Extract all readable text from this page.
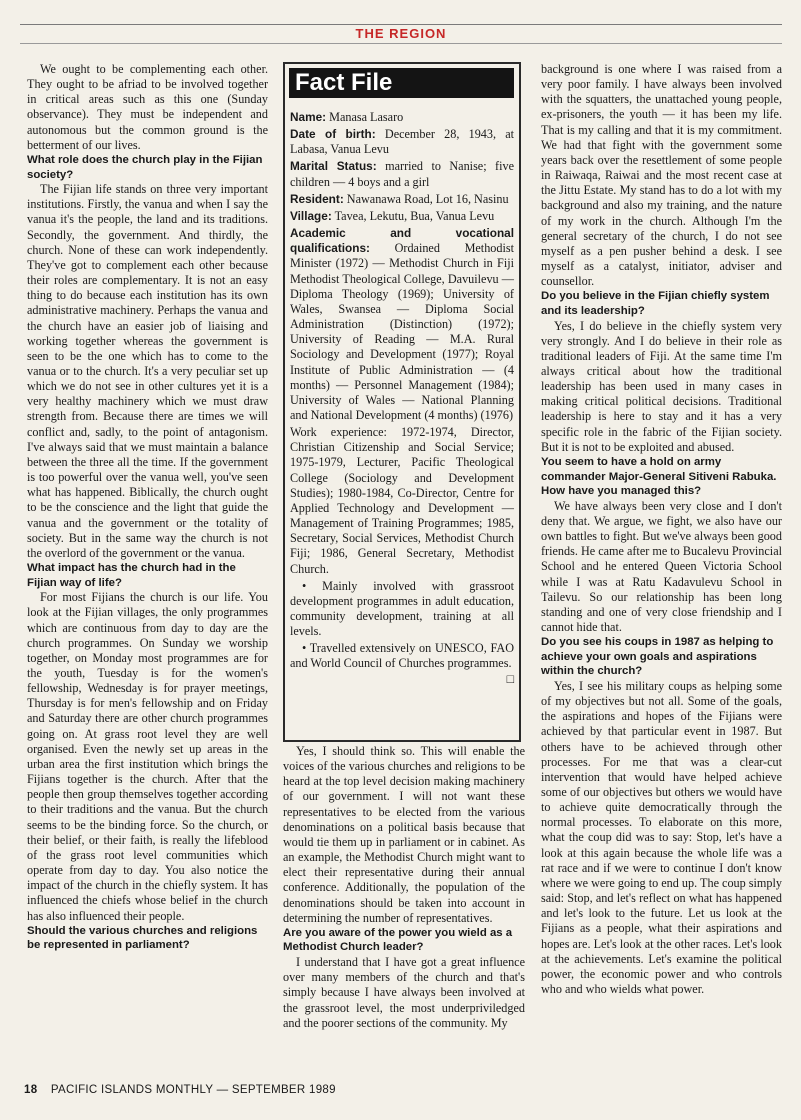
THE REGION

We ought to be complementing each other. They ought to be afriad to be involved together in critical areas such as this one (Sunday observance). They must be independent and autonomous but the common ground is the betterment of our lives.

What role does the church play in the Fijian society?

The Fijian life stands on three very important institutions. Firstly, the vanua and when I say the vanua it's the people, the land and its traditions. Secondly, the government. And thirdly, the church. None of these can work independently. They've got to complement each other because their roles are complementary. It is not an easy thing to do because each institution has its own administrative machinery. Perhaps the vanua and the church have an easier job of liaising and working together whereas the government is seen to be the one which has to come to the vanua or to the church. It's a very peculiar set up which we do not see in other cultures yet it is a very healthy machinery which we must draw strength from. Because there are times we will conflict and, sadly, to the point of antagonism. I've always said that we must maintain a balance between the three all the time. If the government is too powerful over the vanua well, you've seen what has happened. Biblically, the church ought to be the conscience and the light that guide the vanua and the government or the totality of society. But in the same way the church is not the overlord of the government or the vanua.

What impact has the church had in the Fijian way of life?

For most Fijians the church is our life. You look at the Fijian villages, the only programmes which are continuous from day to day are the church programmes. On Sunday we worship together, on Monday most programmes are for the youth, Tuesday is for the women's fellowship, Wednesday is for prayer meetings, Thursday is for men's fellowship and on Friday and Saturday there are other church programmes going on. At grass root level they are well organised. Even the newly set up areas in the urban area the first institution which brings the Fijians together is the church. After that the people then group themselves together according to their traditions and the vanua. But the church seems to be the binding force. So the church, or their belief, or their faith, is really the lifeblood of the grass root level communities which operate from day to day. You also notice the impact of the church in the chiefly system. It has influenced the chiefs whose belief in the church has also influenced their people.

Should the various churches and religions be represented in parliament?

Fact File
Name: Manasa Lasaro
Date of birth: December 28, 1943, at Labasa, Vanua Levu
Marital Status: married to Nanise; five children — 4 boys and a girl
Resident: Nawanawa Road, Lot 16, Nasinu
Village: Tavea, Lekutu, Bua, Vanua Levu
Academic and vocational qualifications: Ordained Methodist Minister (1972) — Methodist Church in Fiji Methodist Theological College, Davuilevu — Diploma Theology (1969); University of Wales, Swansea — Diploma Social Administration (Distinction) (1972); University of Reading — M.A. Rural Sociology and Development (1977); Royal Institute of Public Administration — (4 months) — Personnel Management (1984); University of Wales — National Planning and National Development (4 months) (1976)
Work experience: 1972-1974, Director, Christian Citizenship and Social Service; 1975-1979, Lecturer, Pacific Theological College (Sociology and Development Studies); 1980-1984, Co-Director, Centre for Applied Technology and Development — Management of Training Programmes; 1985, Secretary, Social Services, Methodist Church Fiji; 1986, General Secretary, Methodist Church.
• Mainly involved with grassroot development programmes in adult education, community development, training at all levels.
• Travelled extensively on UNESCO, FAO and World Council of Churches programmes.
□

Yes, I should think so. This will enable the voices of the various churches and religions to be heard at the top level decision making machinery of our government. I will not want these representatives to be elected from the various denominations on a political basis because that would tie them up in parliament or in cabinet. As an example, the Methodist Church might want to elect their representative during their annual conference. Additionally, the population of the denominations should be taken into account in determining the number of representatives.

Are you aware of the power you wield as a Methodist Church leader?

I understand that I have got a great influence over many members of the church and that's simply because I have always been involved at the grassroot level, the most underpriviledged and the poorer sections of the community. My

background is one where I was raised from a very poor family. I have always been involved with the squatters, the unattached young people, ex-prisoners, the youth — it has been my life. That is my calling and that it is my commitment. We had that fight with the government some years back over the resettlement of some people in Raiwaqa, Raiwai and the most recent case at the Jittu Estate. My stand has to do a lot with my background and also my training, and the nature of my work in the church. Although I'm the general secretary of the church, I do not see myself as a pen pusher behind a desk. I see myself as a catalyst, initiator, adviser and counsellor.

Do you believe in the Fijian chiefly system and its leadership?

Yes, I do believe in the chiefly system very very strongly. And I do believe in their role as traditional leaders of Fiji. At the same time I'm always critical about how the traditional leadership has been used in many cases in making critical political decisions. Traditional leadership is here to stay and it has a very specific role in the fabric of the Fijian society. But it is not to be exploited and abused.

You seem to have a hold on army commander Major-General Sitiveni Rabuka. How have you managed this?

We have always been very close and I don't deny that. We argue, we fight, we also have our own battles to fight. But we've always been good friends. He came after me to Bucalevu Provincial School and he entered Queen Victoria School while I was at Ratu Kadavulevu School in Tailevu. So our relationship has been long standing and one of very close friendship and I cannot hide that.

Do you see his coups in 1987 as helping to achieve your own goals and aspirations within the church?

Yes, I see his military coups as helping some of my objectives but not all. Some of the goals, the aspirations and hopes of the Fijians were achieved by that particular event in 1987. But others have to be achieved through other processes. For me that was a clear-cut intervention that would have helped achieve some of our objectives but others we would have to achieve quite democratically through the normal processes. To elaborate on this more, what the coup did was to say: Stop, let's have a look at this again because the whole life was a rat race and if we were to continue I don't know where we were going to end up. The coup simply said: Stop, and let's reflect on what has happened and let's look to the future. Let us look at the Fijians as a people, what their aspirations and hopes are. Let's look at the other races. Let's look at the achievements. Let's examine the political power, the economic power and who controls who and who wields what power.

18 PACIFIC ISLANDS MONTHLY — SEPTEMBER 1989
